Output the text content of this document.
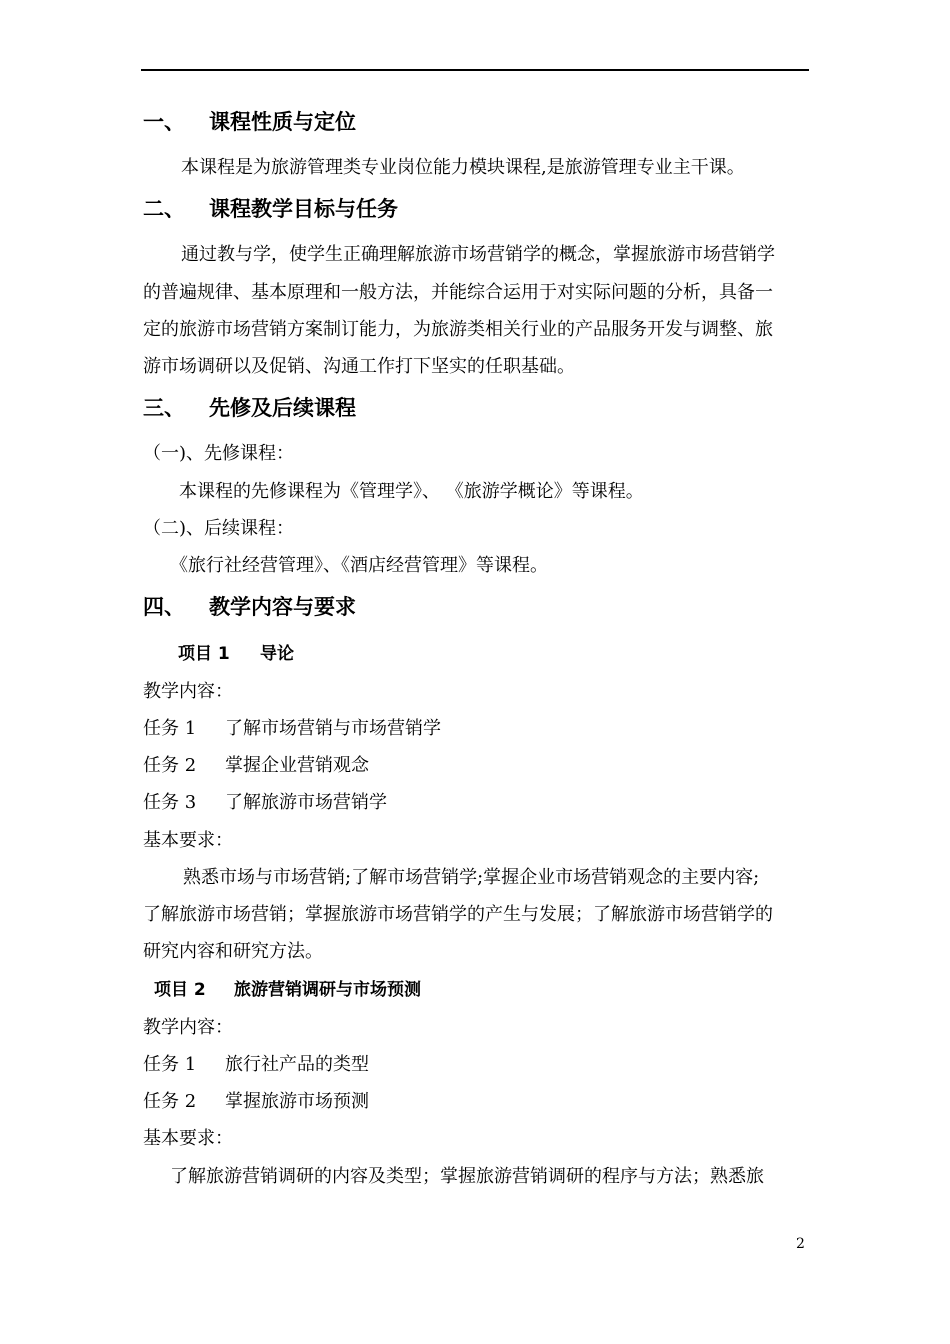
一、 课程性质与定位
本课程是为旅游管理类专业岗位能力模块课程,是旅游管理专业主干课。
二、 课程教学目标与任务
通过教与学，使学生正确理解旅游市场营销学的概念，掌握旅游市场营销学
的普遍规律、基本原理和一般方法，并能综合运用于对实际问题的分析，具备一
定的旅游市场营销方案制订能力，为旅游类相关行业的产品服务开发与调整、旅
游市场调研以及促销、沟通工作打下坚实的任职基础。
三、 先修及后续课程
（一)、先修课程：
本课程的先修课程为《管理学》、 《旅游学概论》等课程。
（二)、后续课程：
《旅行社经营管理》、《酒店经营管理》等课程。
四、 教学内容与要求
项目 1 导论
教学内容：
任务 1 了解市场营销与市场营销学
任务 2 掌握企业营销观念
任务 3 了解旅游市场营销学
基本要求：
熟悉市场与市场营销;了解市场营销学;掌握企业市场营销观念的主要内容;
了解旅游市场营销；掌握旅游市场营销学的产生与发展；了解旅游市场营销学的
研究内容和研究方法。
项目 2 旅游营销调研与市场预测
教学内容：
任务 1 旅行社产品的类型
任务 2 掌握旅游市场预测
基本要求：
了解旅游营销调研的内容及类型；掌握旅游营销调研的程序与方法；熟悉旅
2
